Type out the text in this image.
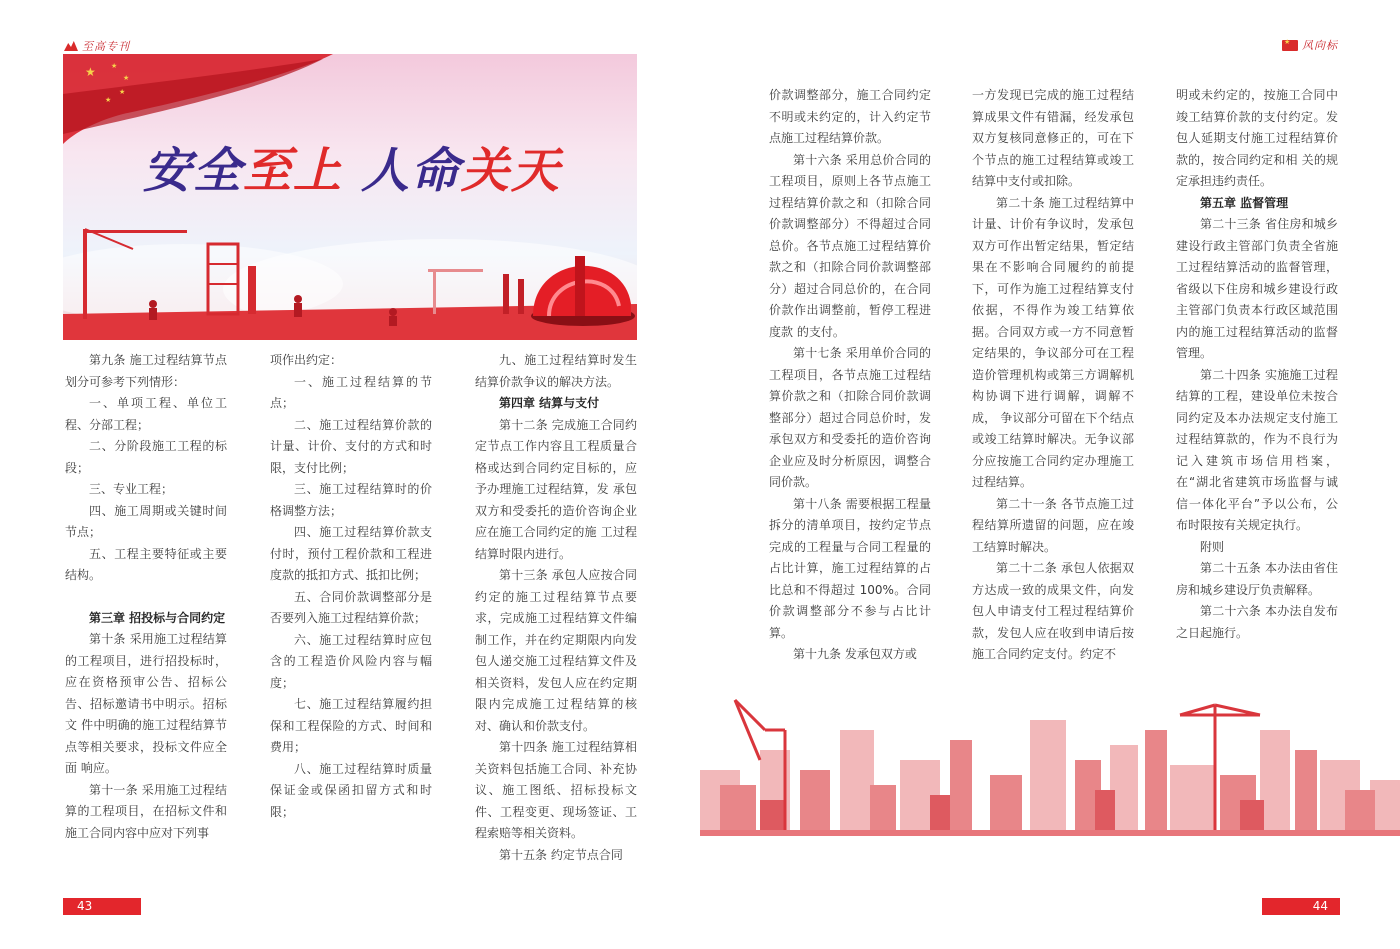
至高专刊
★	风向标
★ ★
★
★
★
安全至上 人命关天

第九条 施工过程结算节点划分可参考下列情形：

一、单项工程、单位工程、分部工程；

二、分阶段施工工程的标段；

三、专业工程；

四、施工周期或关键时间节点；

五、工程主要特征或主要结构。

第三章 招投标与合同约定

第十条 采用施工过程结算的工程项目，进行招投标时，应在资格预审公告、招标公告、招标邀请书中明示。招标文 件中明确的施工过程结算节点等相关要求，投标文件应全面 响应。

第十一条 采用施工过程结算的工程项目，在招标文件和施工合同内容中应对下列事

项作出约定：

一、施工过程结算的节点；

二、施工过程结算价款的计量、计价、支付的方式和时 限，支付比例；

三、施工过程结算时的价格调整方法；

四、施工过程结算价款支付时，预付工程价款和工程进 度款的抵扣方式、抵扣比例；

五、合同价款调整部分是否要列入施工过程结算价款；

六、施工过程结算时应包含的工程造价风险内容与幅度；

七、施工过程结算履约担保和工程保险的方式、时间和 费用；

八、施工过程结算时质量保证金或保函扣留方式和时限；

九、施工过程结算时发生结算价款争议的解决方法。

第四章 结算与支付

第十二条 完成施工合同约定节点工作内容且工程质量合格或达到合同约定目标的，应予办理施工过程结算，发 承包双方和受委托的造价咨询企业应在施工合同约定的施 工过程结算时限内进行。

第十三条 承包人应按合同约定的施工过程结算节点要求，完成施工过程结算文件编制工作，并在约定期限内向发包人递交施工过程结算文件及相关资料，发包人应在约定期限内完成施工过程结算的核对、确认和价款支付。

第十四条 施工过程结算相关资料包括施工合同、补充协议、施工图纸、招标投标文件、工程变更、现场签证、工程索赔等相关资料。

第十五条 约定节点合同

价款调整部分，施工合同约定不明或未约定的，计入约定节点施工过程结算价款。

第十六条 采用总价合同的工程项目，原则上各节点施工过程结算价款之和（扣除合同价款调整部分）不得超过合同总价。各节点施工过程结算价款之和（扣除合同价款调整部分）超过合同总价的，在合同价款作出调整前，暂停工程进度款 的支付。

第十七条 采用单价合同的工程项目，各节点施工过程结算价款之和（扣除合同价款调整部分）超过合同总价时，发承包双方和受委托的造价咨询企业应及时分析原因，调整合同价款。

第十八条 需要根据工程量拆分的清单项目，按约定节点完成的工程量与合同工程量的占比计算，施工过程结算的占比总和不得超过 100%。合同价款调整部分不参与占比计算。

第十九条 发承包双方或

一方发现已完成的施工过程结算成果文件有错漏，经发承包双方复核同意修正的，可在下个节点的施工过程结算或竣工结算中支付或扣除。

第二十条 施工过程结算中计量、计价有争议时，发承包双方可作出暂定结果，暂定结果在不影响合同履约的前提下，可作为施工过程结算支付依据，不得作为竣工结算依据。合同双方或一方不同意暂定结果的，争议部分可在工程 造价管理机构或第三方调解机构协调下进行调解，调解不成， 争议部分可留在下个结点或竣工结算时解决。无争议部分应按施工合同约定办理施工过程结算。

第二十一条 各节点施工过程结算所遗留的问题，应在竣工结算时解决。

第二十二条 承包人依据双方达成一致的成果文件，向发包人申请支付工程过程结算价款，发包人应在收到申请后按施工合同约定支付。约定不

明或未约定的，按施工合同中竣工结算价款的支付约定。发包人延期支付施工过程结算价款的，按合同约定和相 关的规定承担违约责任。

第五章 监督管理

第二十三条 省住房和城乡建设行政主管部门负责全省施工过程结算活动的监督管理，省级以下住房和城乡建设行政主管部门负责本行政区域范围内的施工过程结算活动的监督管理。

第二十四条 实施施工过程结算的工程，建设单位未按合同约定及本办法规定支付施工过程结算款的，作为不良行为记入建筑市场信用档案，在“湖北省建筑市场监督与诚信一体化平台”予以公布，公布时限按有关规定执行。

附则

第二十五条 本办法由省住房和城乡建设厅负责解释。

第二十六条 本办法自发布之日起施行。

43	44
